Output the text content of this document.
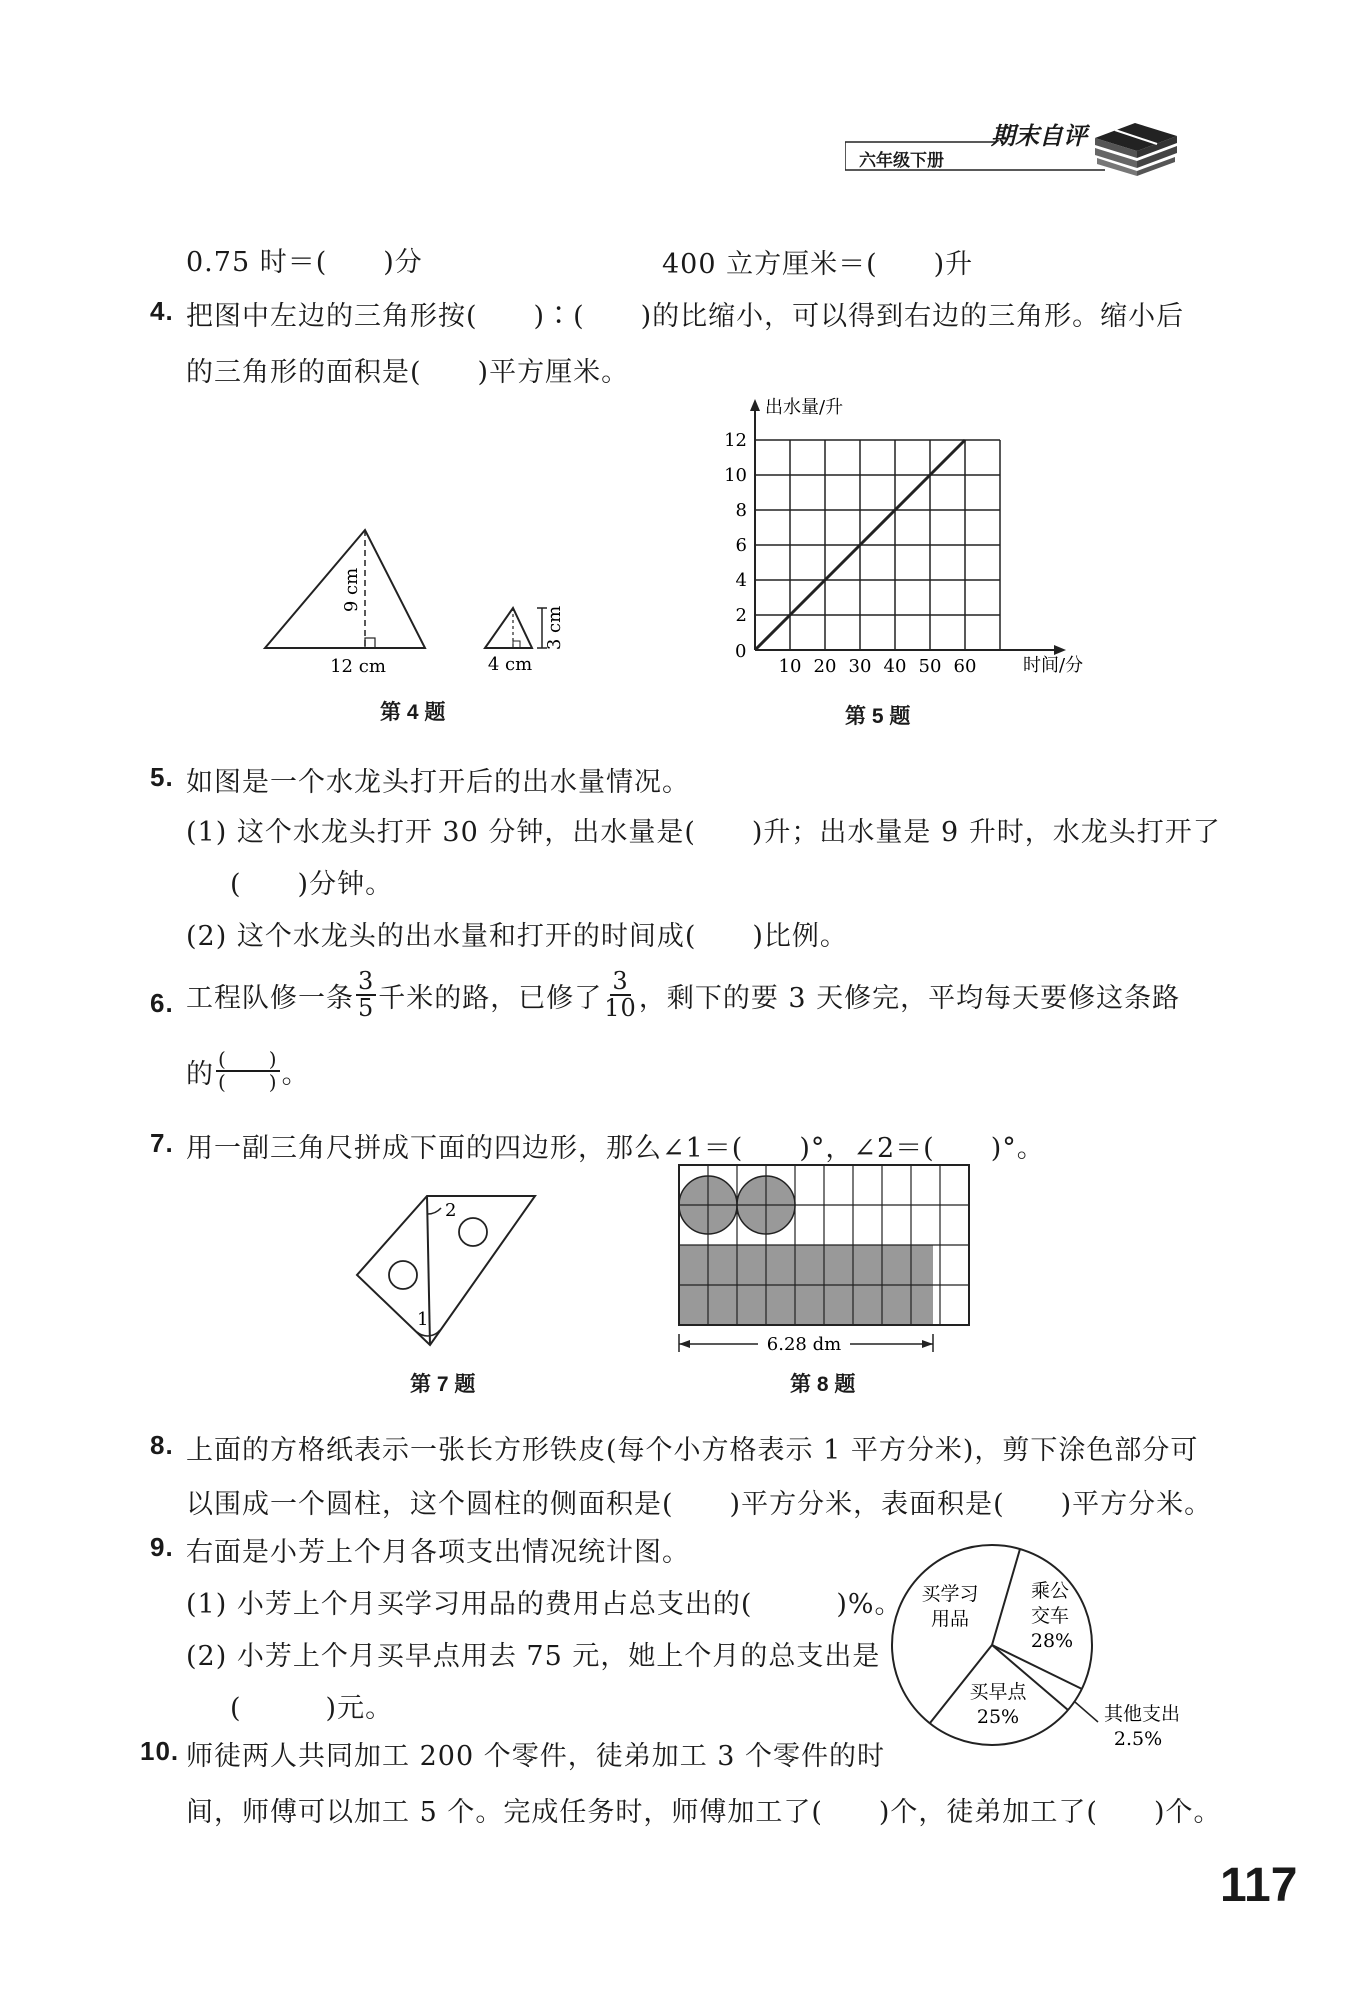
六年级下册
期末自评
0.75 时＝(　　)分	400 立方厘米＝(　　)升
4. 把图中左边的三角形按(　　)∶(　　)的比缩小，可以得到右边的三角形。缩小后
的三角形的面积是(　　)平方厘米。
9 cm
12 cm
3 cm
4 cm
第 4 题
出水量/升
时间/分
0
10 20 30 40 50 60
2
4
6
8
10
12
第 5 题
5. 如图是一个水龙头打开后的出水量情况。
(1) 这个水龙头打开 30 分钟，出水量是(　　)升；出水量是 9 升时，水龙头打开了
(　　)分钟。
(2) 这个水龙头的出水量和打开的时间成(　　)比例。
6. 工程队修一条 $\frac{3}{5}$ 千米的路，已修了 $\frac{3}{10}$ ，剩下的要 3 天修完，平均每天要修这条路
的 $\frac{( )}{( )}$ 。
7. 用一副三角尺拼成下面的四边形，那么∠1＝(　　)°，∠2＝(　　)°。
2
1
第 7 题
6.28 dm
第 8 题
8. 上面的方格纸表示一张长方形铁皮(每个小方格表示 1 平方分米)，剪下涂色部分可
以围成一个圆柱，这个圆柱的侧面积是(　　)平方分米，表面积是(　　)平方分米。
9. 右面是小芳上个月各项支出情况统计图。
(1) 小芳上个月买学习用品的费用占总支出的(　　　)%。
(2) 小芳上个月买早点用去 75 元，她上个月的总支出是
(　　　)元。
买学习
用品
乘公
交车
28%
买早点
25%	其他支出
2.5%
10. 师徒两人共同加工 200 个零件，徒弟加工 3 个零件的时
间，师傅可以加工 5 个。完成任务时，师傅加工了(　　)个，徒弟加工了(　　)个。
117
